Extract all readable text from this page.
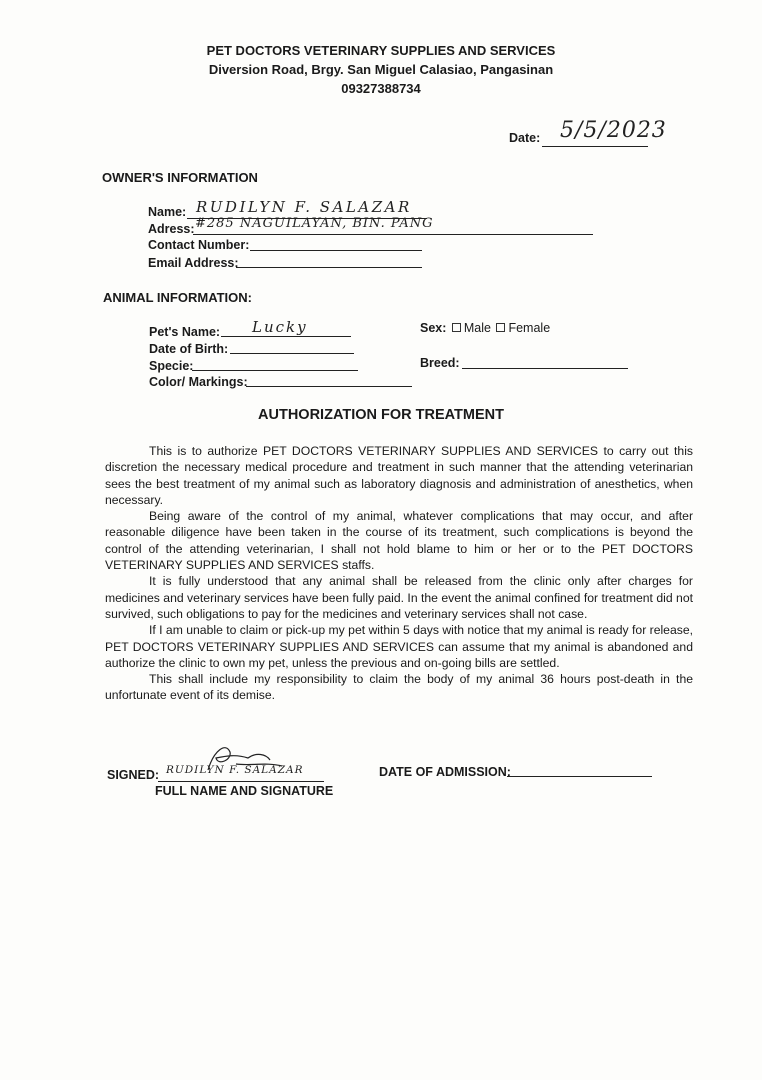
PET DOCTORS VETERINARY SUPPLIES AND SERVICES
Diversion Road, Brgy. San Miguel Calasiao, Pangasinan
09327388734
Date: 5/5/2023
OWNER'S INFORMATION
Name: RUDILYN F. SALAZAR
Adress: #285 NAGUILAYAN, BIN. PANG
Contact Number:
Email Address:
ANIMAL INFORMATION:
Pet's Name: Lucky
Date of Birth:
Specie:
Color/ Markings:
Sex: Male Female
Breed:
AUTHORIZATION FOR TREATMENT

This is to authorize PET DOCTORS VETERINARY SUPPLIES AND SERVICES to carry out this discretion the necessary medical procedure and treatment in such manner that the attending veterinarian sees the best treatment of my animal such as laboratory diagnosis and administration of anesthetics, when necessary.

Being aware of the control of my animal, whatever complications that may occur, and after reasonable diligence have been taken in the course of its treatment, such complications is beyond the control of the attending veterinarian, I shall not hold blame to him or her or to the PET DOCTORS VETERINARY SUPPLIES AND SERVICES staffs.

It is fully understood that any animal shall be released from the clinic only after charges for medicines and veterinary services have been fully paid. In the event the animal confined for treatment did not survived, such obligations to pay for the medicines and veterinary services shall not case.

If I am unable to claim or pick-up my pet within 5 days with notice that my animal is ready for release, PET DOCTORS VETERINARY SUPPLIES AND SERVICES can assume that my animal is abandoned and authorize the clinic to own my pet, unless the previous and on-going bills are settled.

This shall include my responsibility to claim the body of my animal 36 hours post-death in the unfortunate event of its demise.

SIGNED: RUDILYN F. SALAZAR
FULL NAME AND SIGNATURE
DATE OF ADMISSION:
